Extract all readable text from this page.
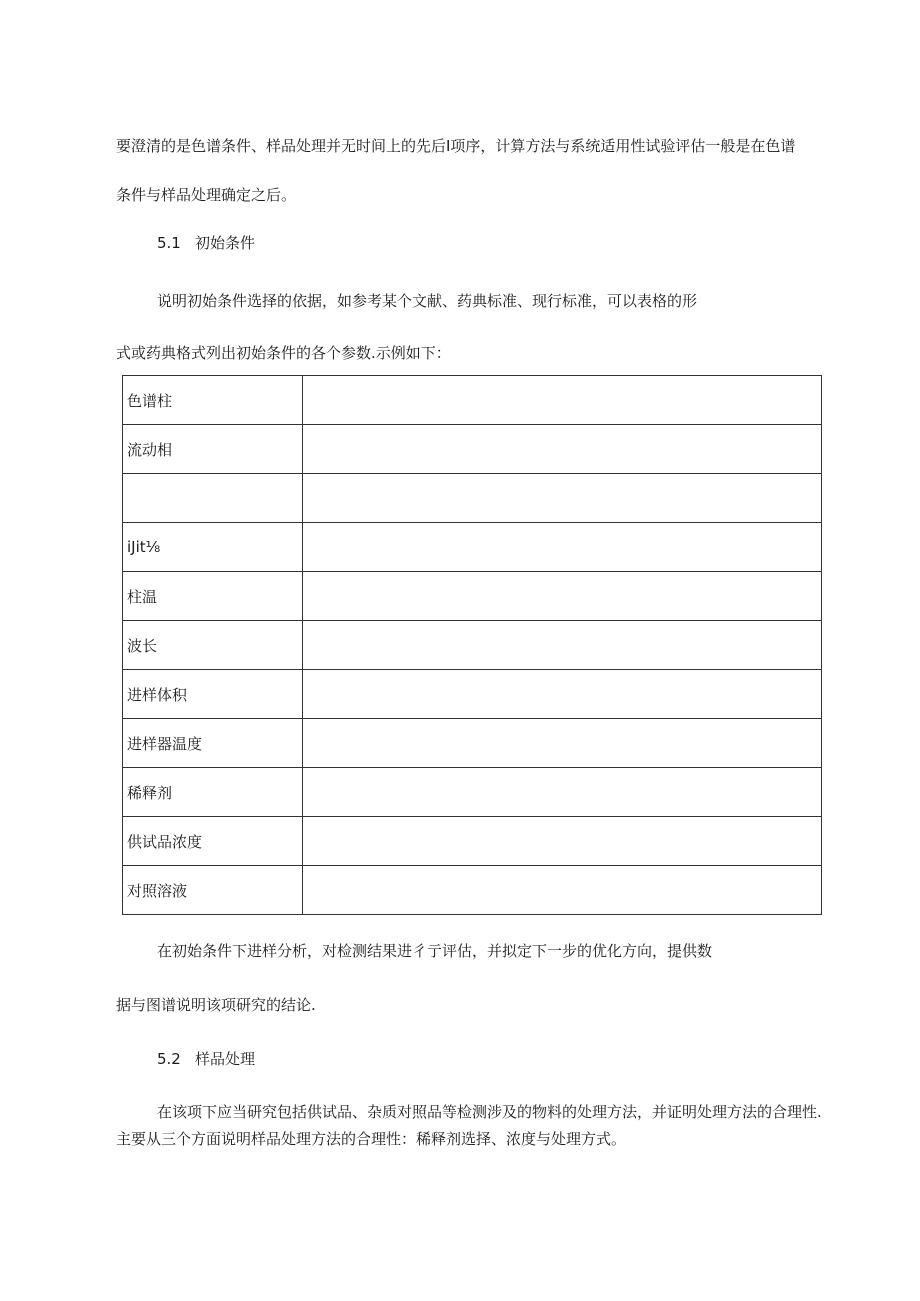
要澄清的是色谱条件、样品处理并无时间上的先后I项序，计算方法与系统适用性试验评估一般是在色谱
条件与样品处理确定之后。
5.1 初始条件
说明初始条件选择的依据，如参考某个文献、药典标准、现行标准，可以表格的形
式或药典格式列出初始条件的各个参数.示例如下：
色谱柱	
流动相	

iJit⅛	
柱温	
波长	
进样体积	
进样器温度	
稀释剂	
供试品浓度	
对照溶液	
在初始条件下进样分析，对检测结果进彳亍评估，并拟定下一步的优化方向，提供数
据与图谱说明该项研究的结论.
5.2 样品处理
在该项下应当研究包括供试品、杂质对照品等检测涉及的物料的处理方法，并证明处理方法的合理性.
主要从三个方面说明样品处理方法的合理性：稀释剂选择、浓度与处理方式。
